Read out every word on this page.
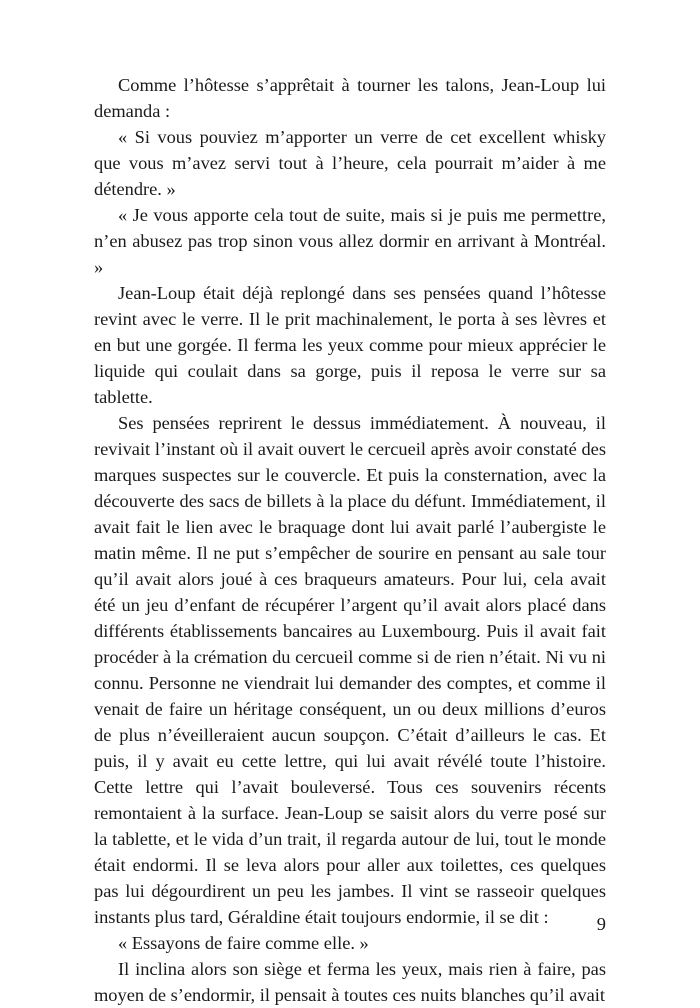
Comme l’hôtesse s’apprêtait à tourner les talons, Jean-Loup lui demanda :

« Si vous pouviez m’apporter un verre de cet excellent whisky que vous m’avez servi tout à l’heure, cela pourrait m’aider à me détendre. »

« Je vous apporte cela tout de suite, mais si je puis me permettre, n’en abusez pas trop sinon vous allez dormir en arrivant à Montréal. »

Jean-Loup était déjà replongé dans ses pensées quand l’hôtesse revint avec le verre. Il le prit machinalement, le porta à ses lèvres et en but une gorgée. Il ferma les yeux comme pour mieux apprécier le liquide qui coulait dans sa gorge, puis il reposa le verre sur sa tablette.

Ses pensées reprirent le dessus immédiatement. À nouveau, il revivait l’instant où il avait ouvert le cercueil après avoir constaté des marques suspectes sur le couvercle. Et puis la consternation, avec la découverte des sacs de billets à la place du défunt. Immédiatement, il avait fait le lien avec le braquage dont lui avait parlé l’aubergiste le matin même. Il ne put s’empêcher de sourire en pensant au sale tour qu’il avait alors joué à ces braqueurs amateurs. Pour lui, cela avait été un jeu d’enfant de récupérer l’argent qu’il avait alors placé dans différents établissements bancaires au Luxembourg. Puis il avait fait procéder à la crémation du cercueil comme si de rien n’était. Ni vu ni connu. Personne ne viendrait lui demander des comptes, et comme il venait de faire un héritage conséquent, un ou deux millions d’euros de plus n’éveilleraient aucun soupçon. C’était d’ailleurs le cas. Et puis, il y avait eu cette lettre, qui lui avait révélé toute l’histoire. Cette lettre qui l’avait bouleversé. Tous ces souvenirs récents remontaient à la surface. Jean-Loup se saisit alors du verre posé sur la tablette, et le vida d’un trait, il regarda autour de lui, tout le monde était endormi. Il se leva alors pour aller aux toilettes, ces quelques pas lui dégourdirent un peu les jambes. Il vint se rasseoir quelques instants plus tard, Géraldine était toujours endormie, il se dit :

« Essayons de faire comme elle. »

Il inclina alors son siège et ferma les yeux, mais rien à faire, pas moyen de s’endormir, il pensait à toutes ces nuits blanches qu’il avait

9
